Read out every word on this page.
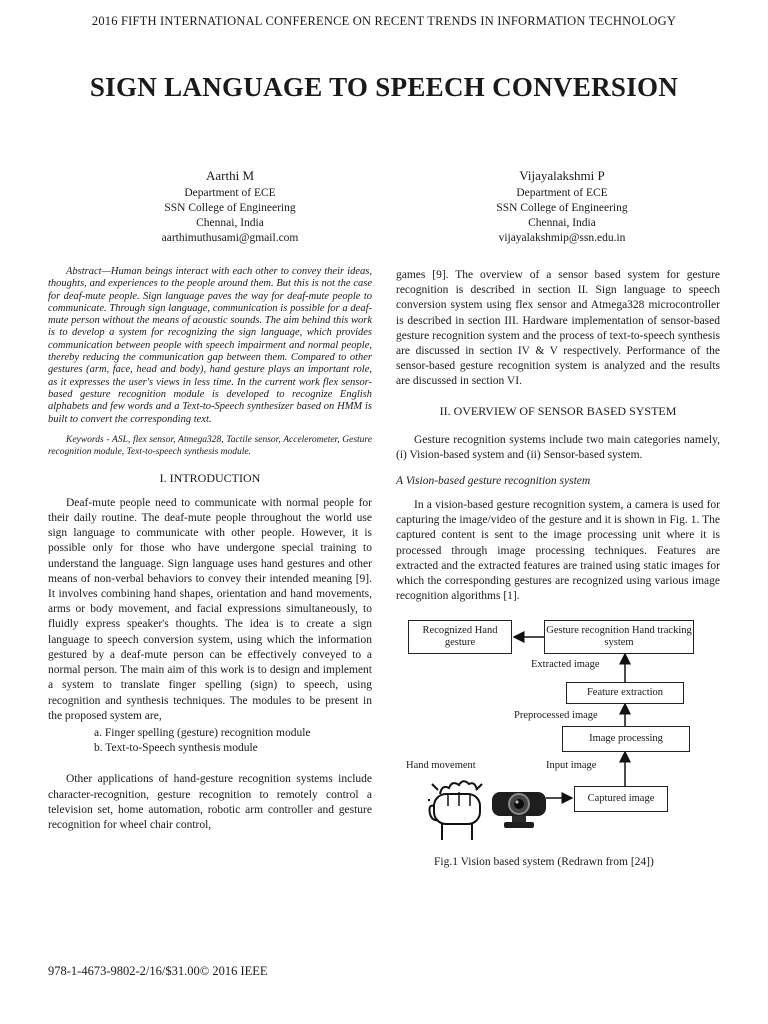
2016 FIFTH INTERNATIONAL CONFERENCE ON RECENT TRENDS IN INFORMATION TECHNOLOGY
SIGN LANGUAGE TO SPEECH CONVERSION
Aarthi M
Department of ECE
SSN College of Engineering
Chennai, India
aarthimuthusami@gmail.com
Vijayalakshmi P
Department of ECE
SSN College of Engineering
Chennai, India
vijayalakshmip@ssn.edu.in

Abstract—Human beings interact with each other to convey their ideas, thoughts, and experiences to the people around them. But this is not the case for deaf-mute people. Sign language paves the way for deaf-mute people to communicate. Through sign language, communication is possible for a deaf-mute person without the means of acoustic sounds. The aim behind this work is to develop a system for recognizing the sign language, which provides communication between people with speech impairment and normal people, thereby reducing the communication gap between them. Compared to other gestures (arm, face, head and body), hand gesture plays an important role, as it expresses the user's views in less time. In the current work flex sensor-based gesture recognition module is developed to recognize English alphabets and few words and a Text-to-Speech synthesizer based on HMM is built to convert the corresponding text.

Keywords - ASL, flex sensor, Atmega328, Tactile sensor, Accelerometer, Gesture recognition module, Text-to-speech synthesis module.

I. INTRODUCTION

Deaf-mute people need to communicate with normal people for their daily routine. The deaf-mute people throughout the world use sign language to communicate with other people. However, it is possible only for those who have undergone special training to understand the language. Sign language uses hand gestures and other means of non-verbal behaviors to convey their intended meaning [9]. It involves combining hand shapes, orientation and hand movements, arms or body movement, and facial expressions simultaneously, to fluidly express speaker's thoughts. The idea is to create a sign language to speech conversion system, using which the information gestured by a deaf-mute person can be effectively conveyed to a normal person. The main aim of this work is to design and implement a system to translate finger spelling (sign) to speech, using recognition and synthesis techniques. The modules to be present in the proposed system are,

a. Finger spelling (gesture) recognition module
b. Text-to-Speech synthesis module

Other applications of hand-gesture recognition systems include character-recognition, gesture recognition to remotely control a television set, home automation, robotic arm controller and gesture recognition for wheel chair control,

games [9]. The overview of a sensor based system for gesture recognition is described in section II. Sign language to speech conversion system using flex sensor and Atmega328 microcontroller is described in section III. Hardware implementation of sensor-based gesture recognition system and the process of text-to-speech synthesis are discussed in section IV & V respectively. Performance of the sensor-based gesture recognition system is analyzed and the results are discussed in section VI.

II. OVERVIEW OF SENSOR BASED SYSTEM

Gesture recognition systems include two main categories namely, (i) Vision-based system and (ii) Sensor-based system.

A Vision-based gesture recognition system

In a vision-based gesture recognition system, a camera is used for capturing the image/video of the gesture and it is shown in Fig. 1. The captured content is sent to the image processing unit where it is processed through image processing techniques. Features are extracted and the extracted features are trained using static images for which the corresponding gestures are recognized using various image recognition algorithms [1].

Recognized Hand gesture
Gesture recognition Hand tracking system
Extracted image
Feature extraction
Preprocessed image
Image processing
Hand movement	Input image
Captured image
Fig.1 Vision based system (Redrawn from [24])
978-1-4673-9802-2/16/$31.00© 2016 IEEE
